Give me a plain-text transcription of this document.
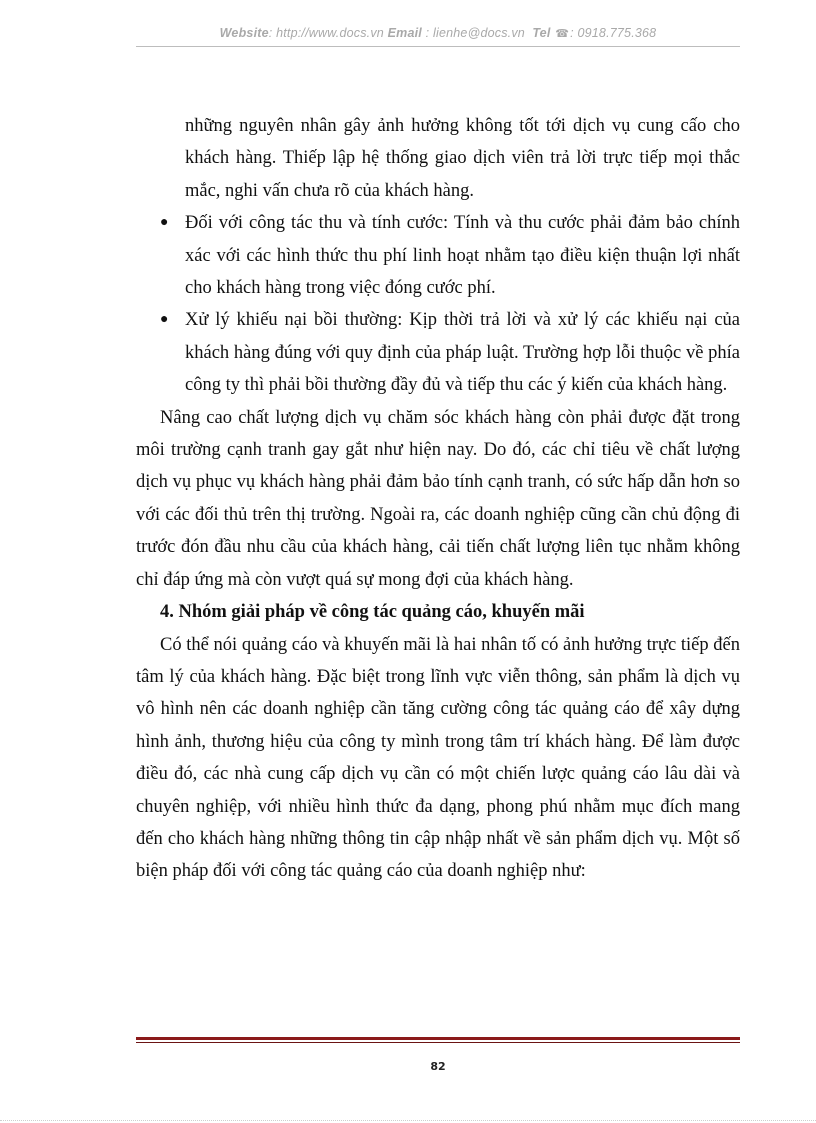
Website: http://www.docs.vn Email : lienhe@docs.vn Tel ☎: 0918.775.368

những nguyên nhân gây ảnh hưởng không tốt tới dịch vụ cung cấo cho khách hàng. Thiếp lập hệ thống giao dịch viên trả lời trực tiếp mọi thắc mắc, nghi vấn chưa rõ của khách hàng.

● Đối với công tác thu và tính cước: Tính và thu cước phải đảm bảo chính xác với các hình thức thu phí linh hoạt nhằm tạo điều kiện thuận lợi nhất cho khách hàng trong việc đóng cước phí.
● Xử lý khiếu nại bồi thường: Kịp thời trả lời và xử lý các khiếu nại của khách hàng đúng với quy định của pháp luật. Trường hợp lỗi thuộc về phía công ty thì phải bồi thường đầy đủ và tiếp thu các ý kiến của khách hàng.

Nâng cao chất lượng dịch vụ chăm sóc khách hàng còn phải được đặt trong môi trường cạnh tranh gay gắt như hiện nay. Do đó, các chỉ tiêu về chất lượng dịch vụ phục vụ khách hàng phải đảm bảo tính cạnh tranh, có sức hấp dẫn hơn so với các đối thủ trên thị trường. Ngoài ra, các doanh nghiệp cũng cần chủ động đi trước đón đầu nhu cầu của khách hàng, cải tiến chất lượng liên tục nhằm không chỉ đáp ứng mà còn vượt quá sự mong đợi của khách hàng.

4. Nhóm giải pháp về công tác quảng cáo, khuyến mãi

Có thể nói quảng cáo và khuyến mãi là hai nhân tố có ảnh hưởng trực tiếp đến tâm lý của khách hàng. Đặc biệt trong lĩnh vực viễn thông, sản phẩm là dịch vụ vô hình nên các doanh nghiệp cần tăng cường công tác quảng cáo để xây dựng hình ảnh, thương hiệu của công ty mình trong tâm trí khách hàng. Để làm được điều đó, các nhà cung cấp dịch vụ cần có một chiến lược quảng cáo lâu dài và chuyên nghiệp, với nhiều hình thức đa dạng, phong phú nhằm mục đích mang đến cho khách hàng những thông tin cập nhập nhất về sản phẩm dịch vụ. Một số biện pháp đối với công tác quảng cáo của doanh nghiệp như:

82
